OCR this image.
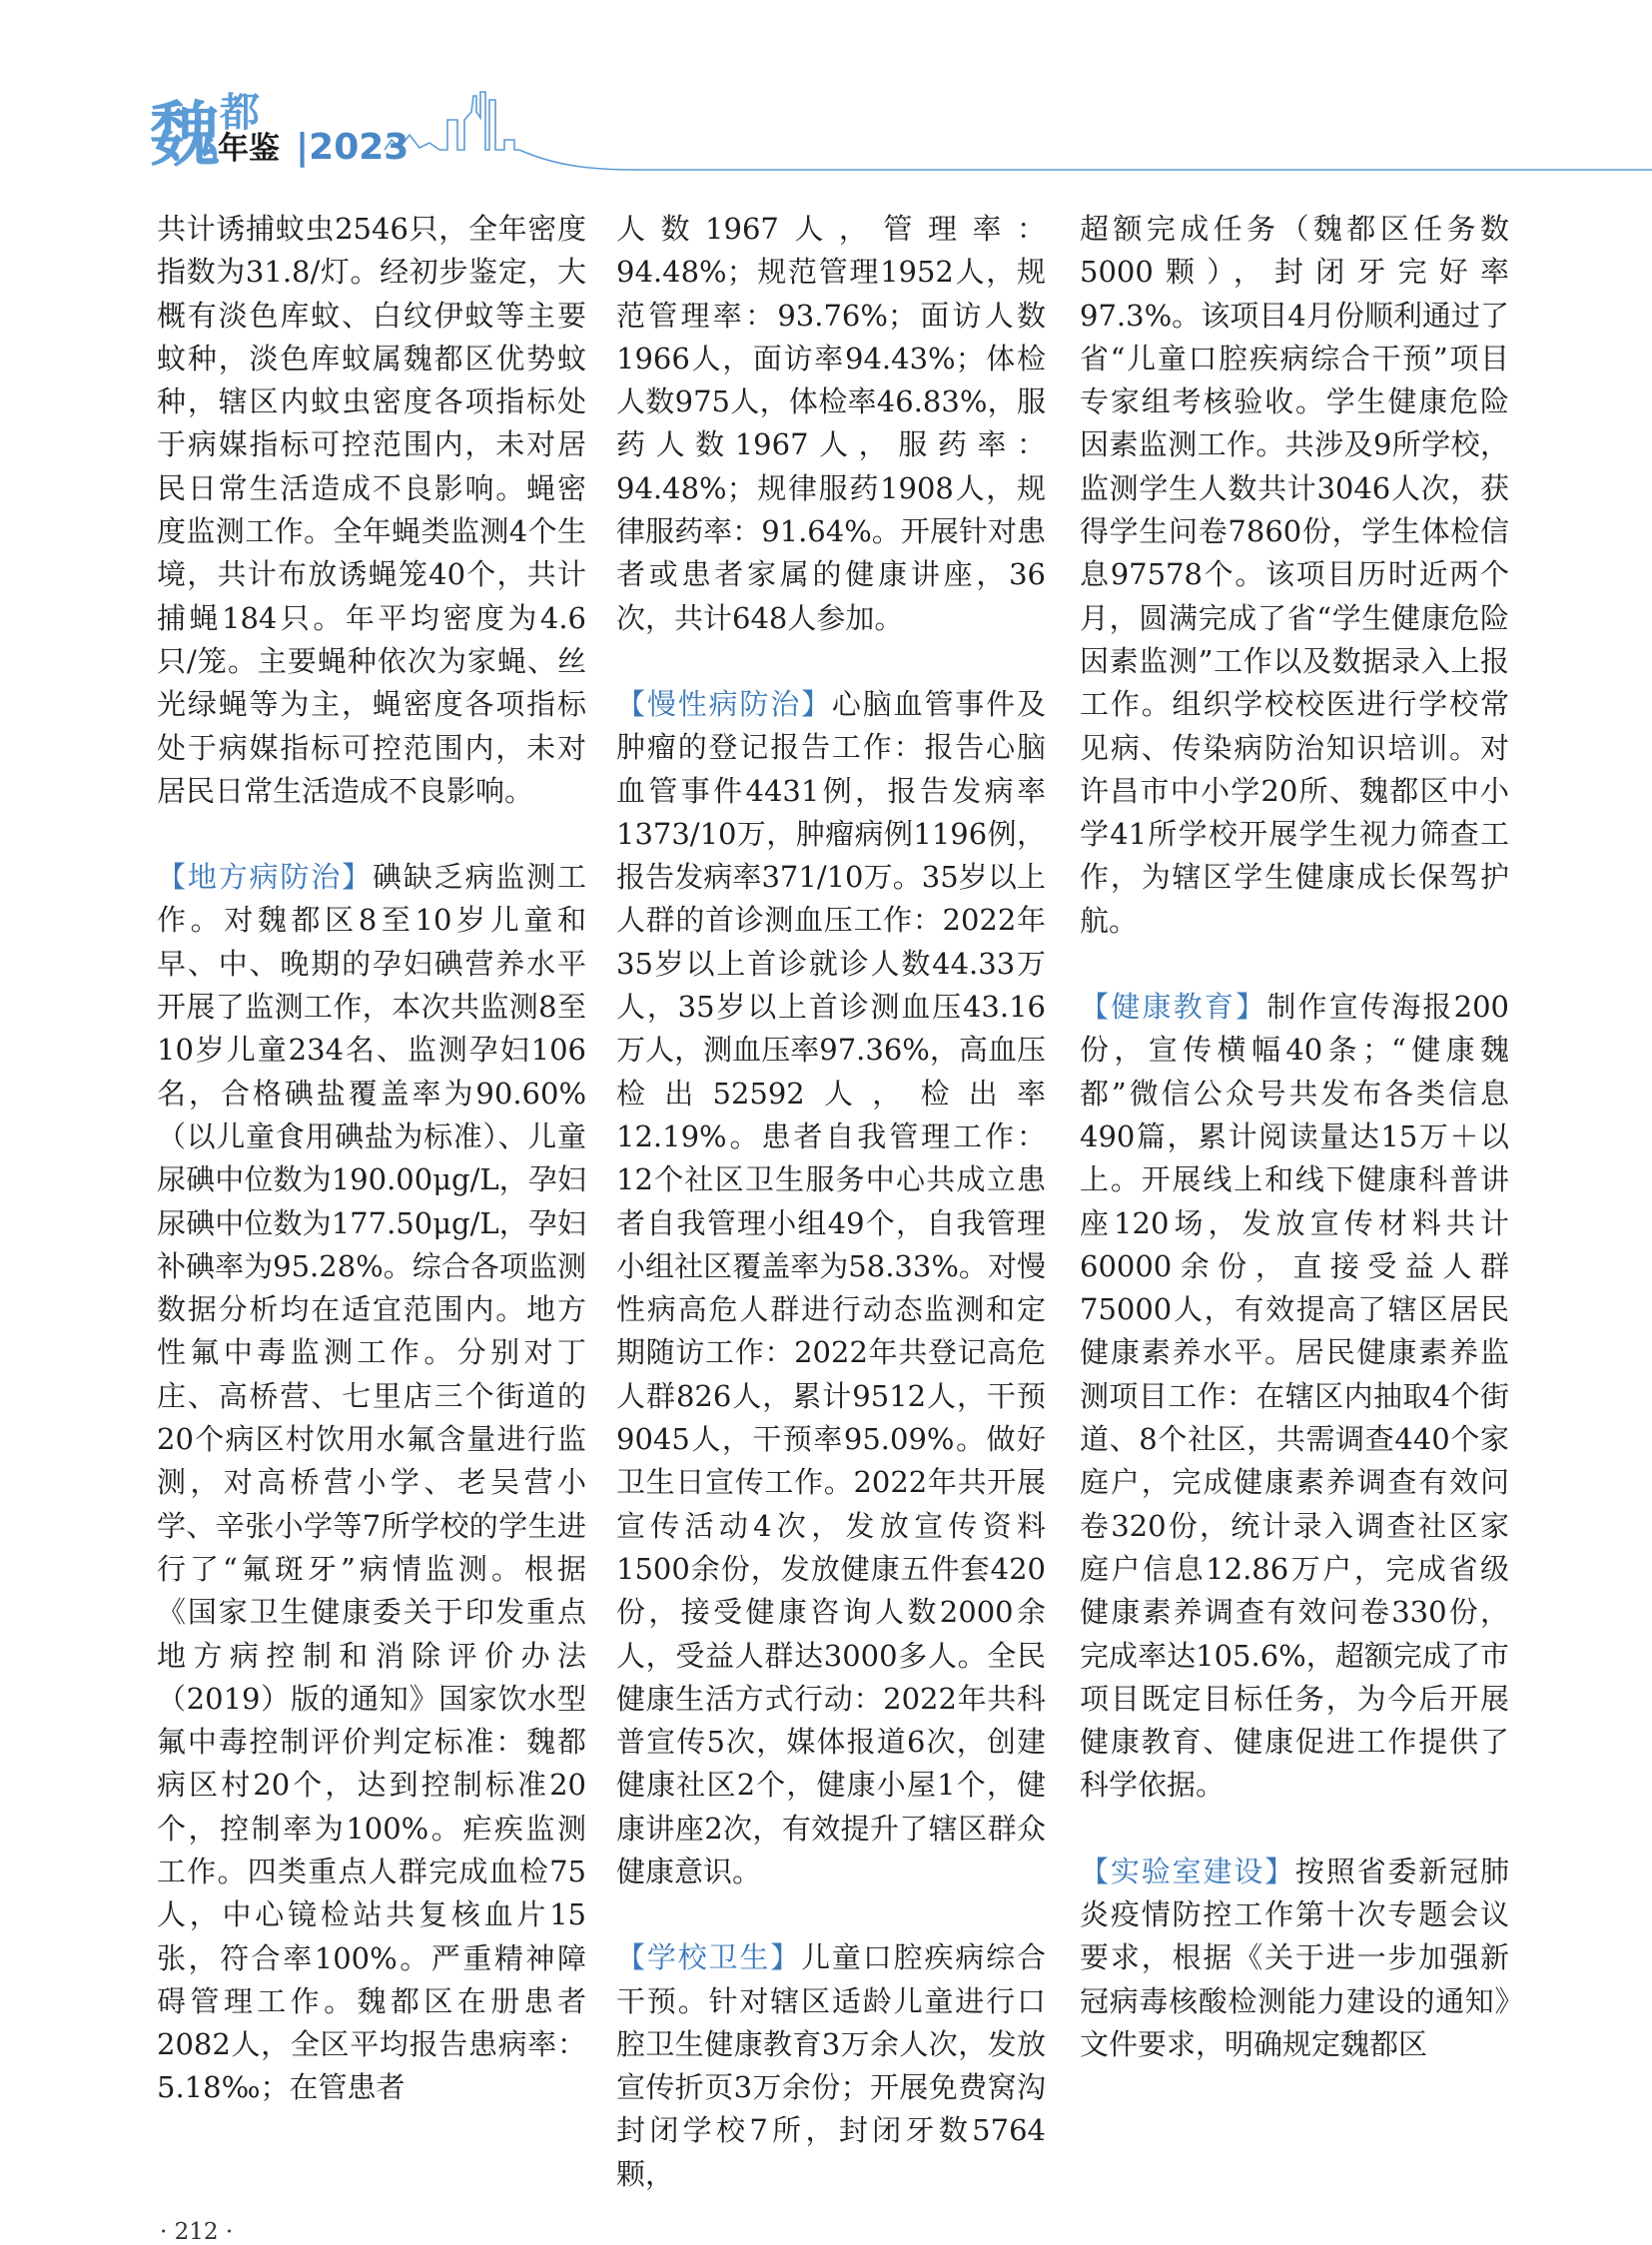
魏 都
年鉴 |2023

共计诱捕蚊虫2546只，全年密度指数为31.8/灯。经初步鉴定，大概有淡色库蚊、白纹伊蚊等主要蚊种，淡色库蚊属魏都区优势蚊种，辖区内蚊虫密度各项指标处于病媒指标可控范围内，未对居民日常生活造成不良影响。蝇密度监测工作。全年蝇类监测4个生境，共计布放诱蝇笼40个，共计捕蝇184只。年平均密度为4.6只/笼。主要蝇种依次为家蝇、丝光绿蝇等为主，蝇密度各项指标处于病媒指标可控范围内，未对居民日常生活造成不良影响。

【地方病防治】碘缺乏病监测工作。对魏都区8至10岁儿童和早、中、晚期的孕妇碘营养水平开展了监测工作，本次共监测8至10岁儿童234名、监测孕妇106名，合格碘盐覆盖率为90.60%（以儿童食用碘盐为标准）、儿童尿碘中位数为190.00μg/L，孕妇尿碘中位数为177.50μg/L，孕妇补碘率为95.28%。综合各项监测数据分析均在适宜范围内。地方性氟中毒监测工作。分别对丁庄、高桥营、七里店三个街道的20个病区村饮用水氟含量进行监测，对高桥营小学、老吴营小学、辛张小学等7所学校的学生进行了“氟斑牙”病情监测。根据《国家卫生健康委关于印发重点地方病控制和消除评价办法（2019）版的通知》国家饮水型氟中毒控制评价判定标准：魏都病区村20个，达到控制标准20个，控制率为100%。疟疾监测工作。四类重点人群完成血检75人，中心镜检站共复核血片15张，符合率100%。严重精神障碍管理工作。魏都区在册患者2082人，全区平均报告患病率：5.18‰；在管患者

人数1967人，管理率：94.48%；规范管理1952人，规范管理率：93.76%；面访人数1966人，面访率94.43%；体检人数975人，体检率46.83%，服药人数1967人，服药率：94.48%；规律服药1908人，规律服药率：91.64%。开展针对患者或患者家属的健康讲座，36次，共计648人参加。

【慢性病防治】心脑血管事件及肿瘤的登记报告工作：报告心脑血管事件4431例，报告发病率1373/10万，肿瘤病例1196例，报告发病率371/10万。35岁以上人群的首诊测血压工作：2022年35岁以上首诊就诊人数44.33万人，35岁以上首诊测血压43.16万人，测血压率97.36%，高血压检出52592人，检出率12.19%。患者自我管理工作：12个社区卫生服务中心共成立患者自我管理小组49个，自我管理小组社区覆盖率为58.33%。对慢性病高危人群进行动态监测和定期随访工作：2022年共登记高危人群826人，累计9512人，干预9045人，干预率95.09%。做好卫生日宣传工作。2022年共开展宣传活动4次，发放宣传资料1500余份，发放健康五件套420份，接受健康咨询人数2000余人，受益人群达3000多人。全民健康生活方式行动：2022年共科普宣传5次，媒体报道6次，创建健康社区2个，健康小屋1个，健康讲座2次，有效提升了辖区群众健康意识。

【学校卫生】儿童口腔疾病综合干预。针对辖区适龄儿童进行口腔卫生健康教育3万余人次，发放宣传折页3万余份；开展免费窝沟封闭学校7所，封闭牙数5764颗，

超额完成任务（魏都区任务数5000颗），封闭牙完好率97.3%。该项目4月份顺利通过了省“儿童口腔疾病综合干预”项目专家组考核验收。学生健康危险因素监测工作。共涉及9所学校，监测学生人数共计3046人次，获得学生问卷7860份，学生体检信息97578个。该项目历时近两个月，圆满完成了省“学生健康危险因素监测”工作以及数据录入上报工作。组织学校校医进行学校常见病、传染病防治知识培训。对许昌市中小学20所、魏都区中小学41所学校开展学生视力筛查工作，为辖区学生健康成长保驾护航。

【健康教育】制作宣传海报200份，宣传横幅40条；“健康魏都”微信公众号共发布各类信息490篇，累计阅读量达15万＋以上。开展线上和线下健康科普讲座120场，发放宣传材料共计60000余份，直接受益人群75000人，有效提高了辖区居民健康素养水平。居民健康素养监测项目工作：在辖区内抽取4个街道、8个社区，共需调查440个家庭户，完成健康素养调查有效问卷320份，统计录入调查社区家庭户信息12.86万户，完成省级健康素养调查有效问卷330份，完成率达105.6%，超额完成了市项目既定目标任务，为今后开展健康教育、健康促进工作提供了科学依据。

【实验室建设】按照省委新冠肺炎疫情防控工作第十次专题会议要求，根据《关于进一步加强新冠病毒核酸检测能力建设的通知》文件要求，明确规定魏都区

· 212 ·
